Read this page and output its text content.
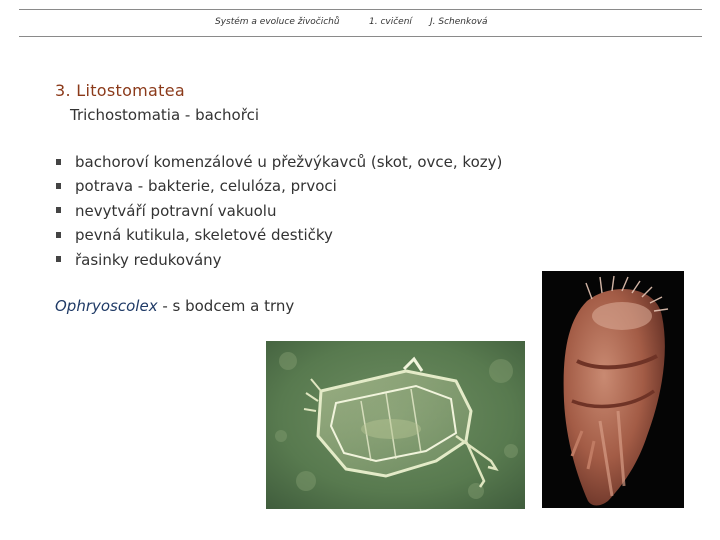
Systém a evoluce živočichů	1. cvičení J. Schenková
3. Litostomatea
Trichostomatia - bachořci
bachoroví komenzálové u přežvýkavců (skot, ovce, kozy)
potrava - bakterie, celulóza, prvoci
nevytváří potravní vakuolu
pevná kutikula, skeletové destičky
řasinky redukovány
Ophryoscolex - s bodcem a trny
